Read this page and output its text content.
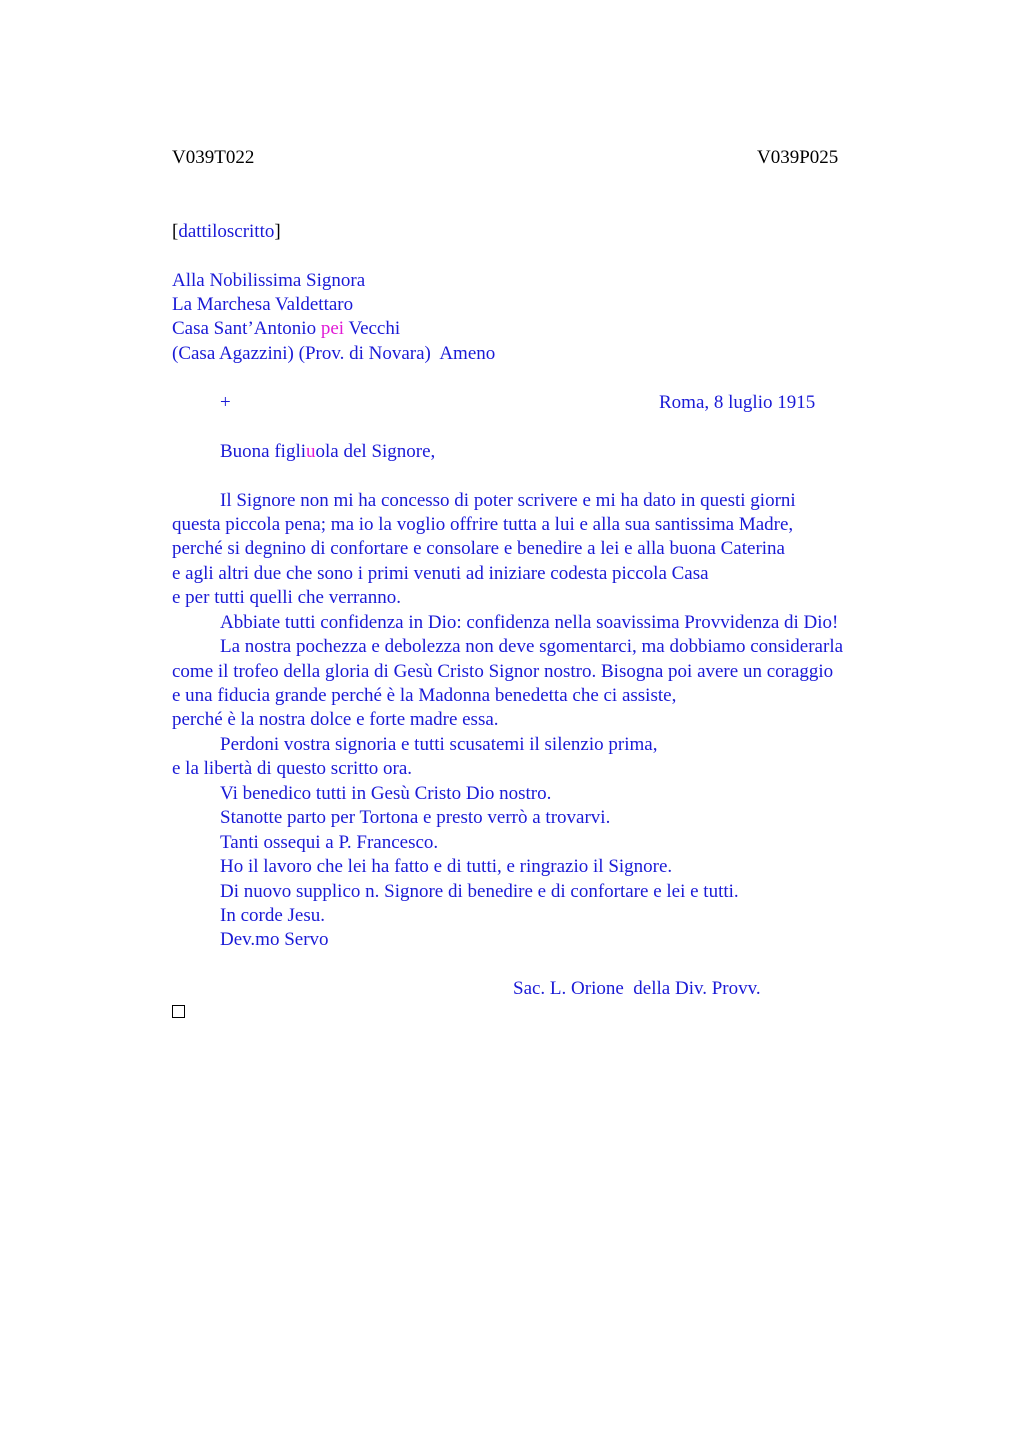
V039T022	V039P025
[dattiloscritto]
Alla Nobilissima Signora
La Marchesa Valdettaro
Casa Sant’Antonio pei Vecchi
(Casa Agazzini) (Prov. di Novara)  Ameno
+	Roma, 8 luglio 1915
Buona figliuola del Signore,
Il Signore non mi ha concesso di poter scrivere e mi ha dato in questi giorni
questa piccola pena; ma io la voglio offrire tutta a lui e alla sua santissima Madre,
perché si degnino di confortare e consolare e benedire a lei e alla buona Caterina
e agli altri due che sono i primi venuti ad iniziare codesta piccola Casa
e per tutti quelli che verranno.
Abbiate tutti confidenza in Dio: confidenza nella soavissima Provvidenza di Dio!
La nostra pochezza e debolezza non deve sgomentarci, ma dobbiamo considerarla
come il trofeo della gloria di Gesù Cristo Signor nostro. Bisogna poi avere un coraggio
e una fiducia grande perché è la Madonna benedetta che ci assiste,
perché è la nostra dolce e forte madre essa.
Perdoni vostra signoria e tutti scusatemi il silenzio prima,
e la libertà di questo scritto ora.
Vi benedico tutti in Gesù Cristo Dio nostro.
Stanotte parto per Tortona e presto verrò a trovarvi.
Tanti ossequi a P. Francesco.
Ho il lavoro che lei ha fatto e di tutti, e ringrazio il Signore.
Di nuovo supplico n. Signore di benedire e di confortare e lei e tutti.
In corde Jesu.
Dev.mo Servo
Sac. L. Orione  della Div. Provv.
